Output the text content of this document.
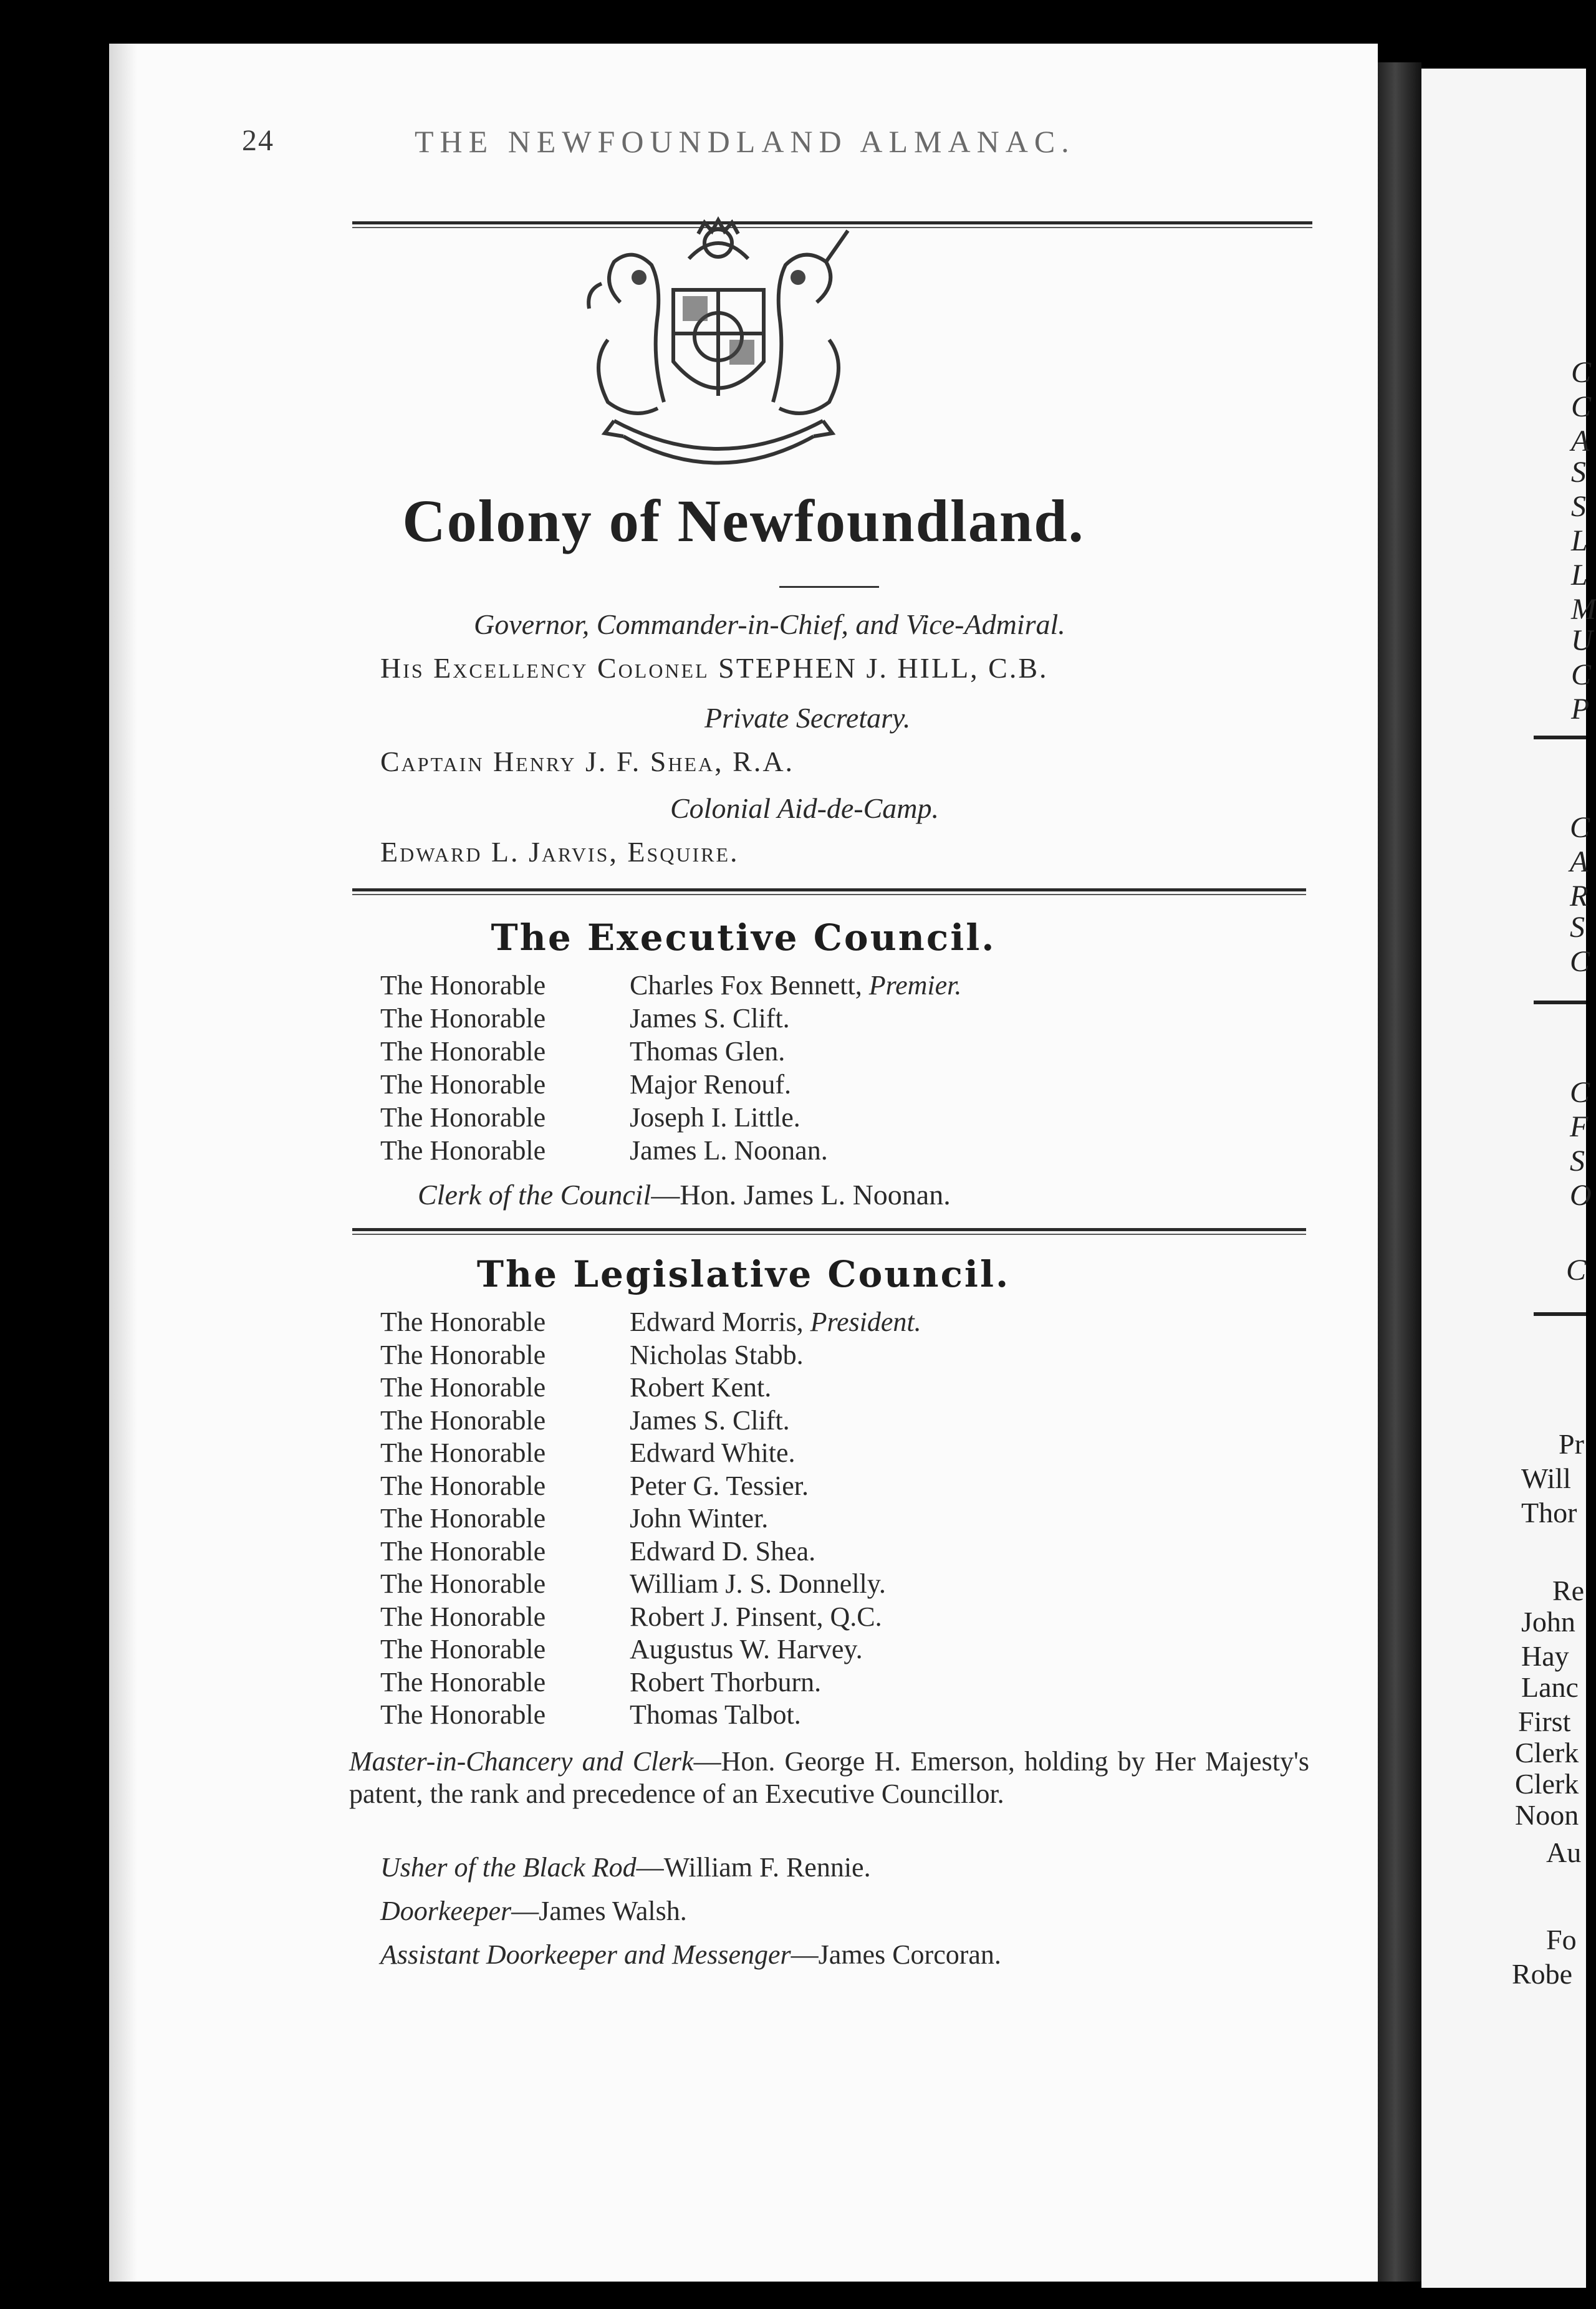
24	THE NEWFOUNDLAND ALMANAC.
Colony of Newfoundland.
Governor, Commander-in-Chief, and Vice-Admiral.
His Excellency Colonel STEPHEN J. HILL, C.B.
Private Secretary.
Captain Henry J. F. Shea, R.A.
Colonial Aid-de-Camp.
Edward L. Jarvis, Esquire.
The Executive Council.
The Honorable	Charles Fox Bennett, Premier.
The Honorable	James S. Clift.
The Honorable	Thomas Glen.
The Honorable	Major Renouf.
The Honorable	Joseph I. Little.
The Honorable	James L. Noonan.
Clerk of the Council—Hon. James L. Noonan.
The Legislative Council.
The Honorable	Edward Morris, President.
The Honorable	Nicholas Stabb.
The Honorable	Robert Kent.
The Honorable	James S. Clift.
The Honorable	Edward White.
The Honorable	Peter G. Tessier.
The Honorable	John Winter.
The Honorable	Edward D. Shea.
The Honorable	William J. S. Donnelly.
The Honorable	Robert J. Pinsent, Q.C.
The Honorable	Augustus W. Harvey.
The Honorable	Robert Thorburn.
The Honorable	Thomas Talbot.
Master-in-Chancery and Clerk—Hon. George H. Emerson, holding by Her Majesty's patent, the rank and precedence of an Executive Councillor.
Usher of the Black Rod—William F. Rennie.
Doorkeeper—James Walsh.
Assistant Doorkeeper and Messenger—James Corcoran.
C
C
A
S
S
L
L
M
U
C
P
C
A
R
S
C
C
F
S
O
C
Pr
Will
Thor
Re
John
Hay
Lanc
First
Clerk
Clerk
Noon
Au
Fo
Robe
